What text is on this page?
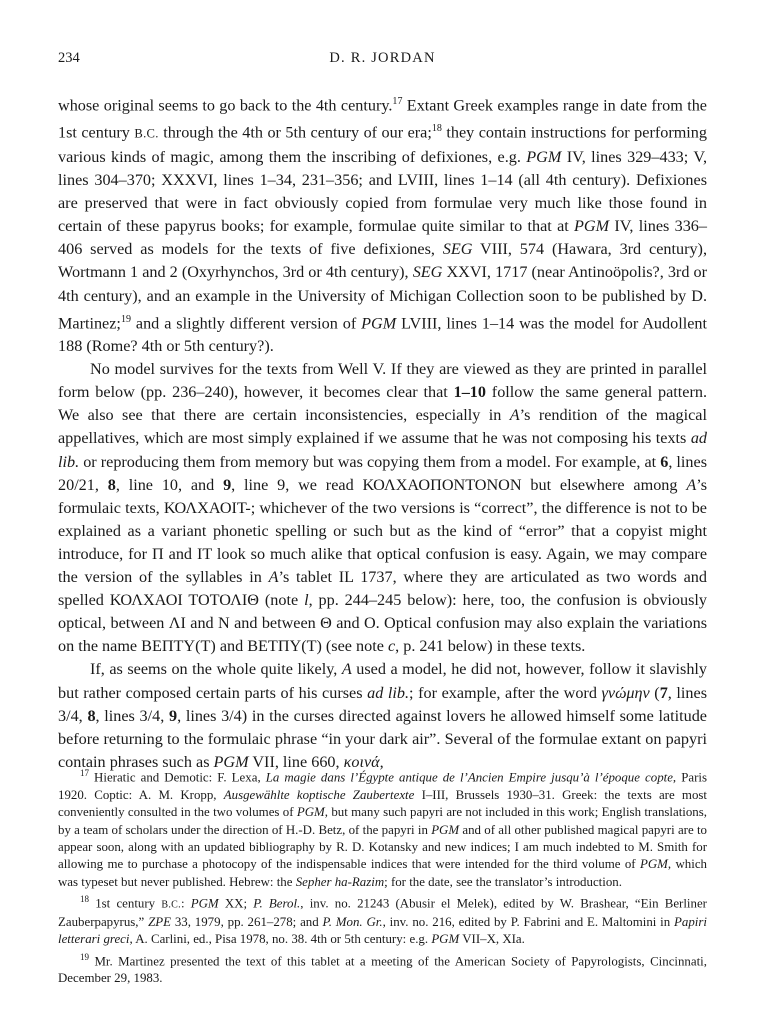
234	D. R. JORDAN

whose original seems to go back to the 4th century.$^{17}$ Extant Greek examples range in date from the 1st century B.C. through the 4th or 5th century of our era;$^{18}$ they contain instructions for performing various kinds of magic, among them the inscribing of defixiones, e.g. PGM IV, lines 329–433; V, lines 304–370; XXXVI, lines 1–34, 231–356; and LVIII, lines 1–14 (all 4th century). Defixiones are preserved that were in fact obviously copied from formulae very much like those found in certain of these papyrus books; for example, formulae quite similar to that at PGM IV, lines 336–406 served as models for the texts of five defixiones, SEG VIII, 574 (Hawara, 3rd century), Wortmann 1 and 2 (Oxyrhynchos, 3rd or 4th century), SEG XXVI, 1717 (near Antinoöpolis?, 3rd or 4th century), and an example in the University of Michigan Collection soon to be published by D. Martinez;$^{19}$ and a slightly different version of PGM LVIII, lines 1–14 was the model for Audollent 188 (Rome? 4th or 5th century?).

No model survives for the texts from Well V. If they are viewed as they are printed in parallel form below (pp. 236–240), however, it becomes clear that 1–10 follow the same general pattern. We also see that there are certain inconsistencies, especially in A’s rendition of the magical appellatives, which are most simply explained if we assume that he was not composing his texts ad lib. or reproducing them from memory but was copying them from a model. For example, at 6, lines 20/21, 8, line 10, and 9, line 9, we read ΚΟΛΧΑΟΠΟΝΤΟΝΟΝ but elsewhere among A’s formulaic texts, ΚΟΛΧΑΟΙΤ-; whichever of the two versions is “correct”, the difference is not to be explained as a variant phonetic spelling or such but as the kind of “error” that a copyist might introduce, for Π and ΙΤ look so much alike that optical confusion is easy. Again, we may compare the version of the syllables in A’s tablet IL 1737, where they are articulated as two words and spelled ΚΟΛΧΑΟΙ ΤΟΤΟΛΙΘ (note l, pp. 244–245 below): here, too, the confusion is obviously optical, between ΛΙ and Ν and between Θ and Ο. Optical confusion may also explain the variations on the name ΒΕΠΤΥ(Τ) and ΒΕΤΠΥ(Τ) (see note c, p. 241 below) in these texts.

If, as seems on the whole quite likely, A used a model, he did not, however, follow it slavishly but rather composed certain parts of his curses ad lib.; for example, after the word γνώμην (7, lines 3/4, 8, lines 3/4, 9, lines 3/4) in the curses directed against lovers he allowed himself some latitude before returning to the formulaic phrase “in your dark air”. Several of the formulae extant on papyri contain phrases such as PGM VII, line 660, κοινά,

$^{17}$ Hieratic and Demotic: F. Lexa, La magie dans l’Égypte antique de l’Ancien Empire jusqu’à l’époque copte, Paris 1920. Coptic: A. M. Kropp, Ausgewählte koptische Zaubertexte I–III, Brussels 1930–31. Greek: the texts are most conveniently consulted in the two volumes of PGM, but many such papyri are not included in this work; English translations, by a team of scholars under the direction of H.-D. Betz, of the papyri in PGM and of all other published magical papyri are to appear soon, along with an updated bibliography by R. D. Kotansky and new indices; I am much indebted to M. Smith for allowing me to purchase a photocopy of the indispensable indices that were intended for the third volume of PGM, which was typeset but never published. Hebrew: the Sepher ha-Razim; for the date, see the translator’s introduction.

$^{18}$ 1st century B.C.: PGM XX; P. Berol., inv. no. 21243 (Abusir el Melek), edited by W. Brashear, “Ein Berliner Zauberpapyrus,” ZPE 33, 1979, pp. 261–278; and P. Mon. Gr., inv. no. 216, edited by P. Fabrini and E. Maltomini in Papiri letterari greci, A. Carlini, ed., Pisa 1978, no. 38. 4th or 5th century: e.g. PGM VII–X, XIa.

$^{19}$ Mr. Martinez presented the text of this tablet at a meeting of the American Society of Papyrologists, Cincinnati, December 29, 1983.
